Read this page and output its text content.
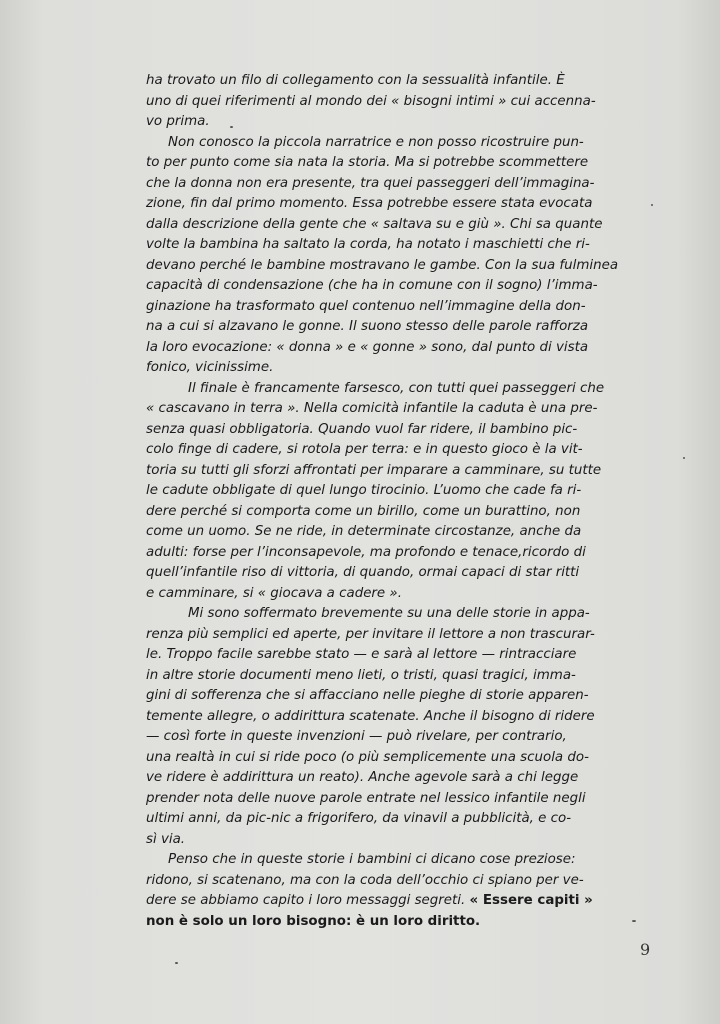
ha trovato un filo di collegamento con la sessualità infantile. È
uno di quei riferimenti al mondo dei « bisogni intimi » cui accenna-
vo prima.
Non conosco la piccola narratrice e non posso ricostruire pun-
to per punto come sia nata la storia. Ma si potrebbe scommettere
che la donna non era presente, tra quei passeggeri dell’immagina-
zione, fin dal primo momento. Essa potrebbe essere stata evocata
dalla descrizione della gente che « saltava su e giù ». Chi sa quante
volte la bambina ha saltato la corda, ha notato i maschietti che ri-
devano perché le bambine mostravano le gambe. Con la sua fulminea
capacità di condensazione (che ha in comune con il sogno) l’imma-
ginazione ha trasformato quel contenuo nell’immagine della don-
na a cui si alzavano le gonne. Il suono stesso delle parole rafforza
la loro evocazione: « donna » e « gonne » sono, dal punto di vista
fonico, vicinissime.
Il finale è francamente farsesco, con tutti quei passeggeri che
« cascavano in terra ». Nella comicità infantile la caduta è una pre-
senza quasi obbligatoria. Quando vuol far ridere, il bambino pic-
colo finge di cadere, si rotola per terra: e in questo gioco è la vit-
toria su tutti gli sforzi affrontati per imparare a camminare, su tutte
le cadute obbligate di quel lungo tirocinio. L’uomo che cade fa ri-
dere perché si comporta come un birillo, come un burattino, non
come un uomo. Se ne ride, in determinate circostanze, anche da
adulti: forse per l’inconsapevole, ma profondo e tenace,ricordo di
quell’infantile riso di vittoria, di quando, ormai capaci di star ritti
e camminare, si « giocava a cadere ».
Mi sono soffermato brevemente su una delle storie in appa-
renza più semplici ed aperte, per invitare il lettore a non trascurar-
le. Troppo facile sarebbe stato — e sarà al lettore — rintracciare
in altre storie documenti meno lieti, o tristi, quasi tragici, imma-
gini di sofferenza che si affacciano nelle pieghe di storie apparen-
temente allegre, o addirittura scatenate. Anche il bisogno di ridere
— così forte in queste invenzioni — può rivelare, per contrario,
una realtà in cui si ride poco (o più semplicemente una scuola do-
ve ridere è addirittura un reato). Anche agevole sarà a chi legge
prender nota delle nuove parole entrate nel lessico infantile negli
ultimi anni, da pic-nic a frigorifero, da vinavil a pubblicità, e co-
sì via.
Penso che in queste storie i bambini ci dicano cose preziose:
ridono, si scatenano, ma con la coda dell’occhio ci spiano per ve-
dere se abbiamo capito i loro messaggi segreti. « Essere capiti »
non è solo un loro bisogno: è un loro diritto.
9
